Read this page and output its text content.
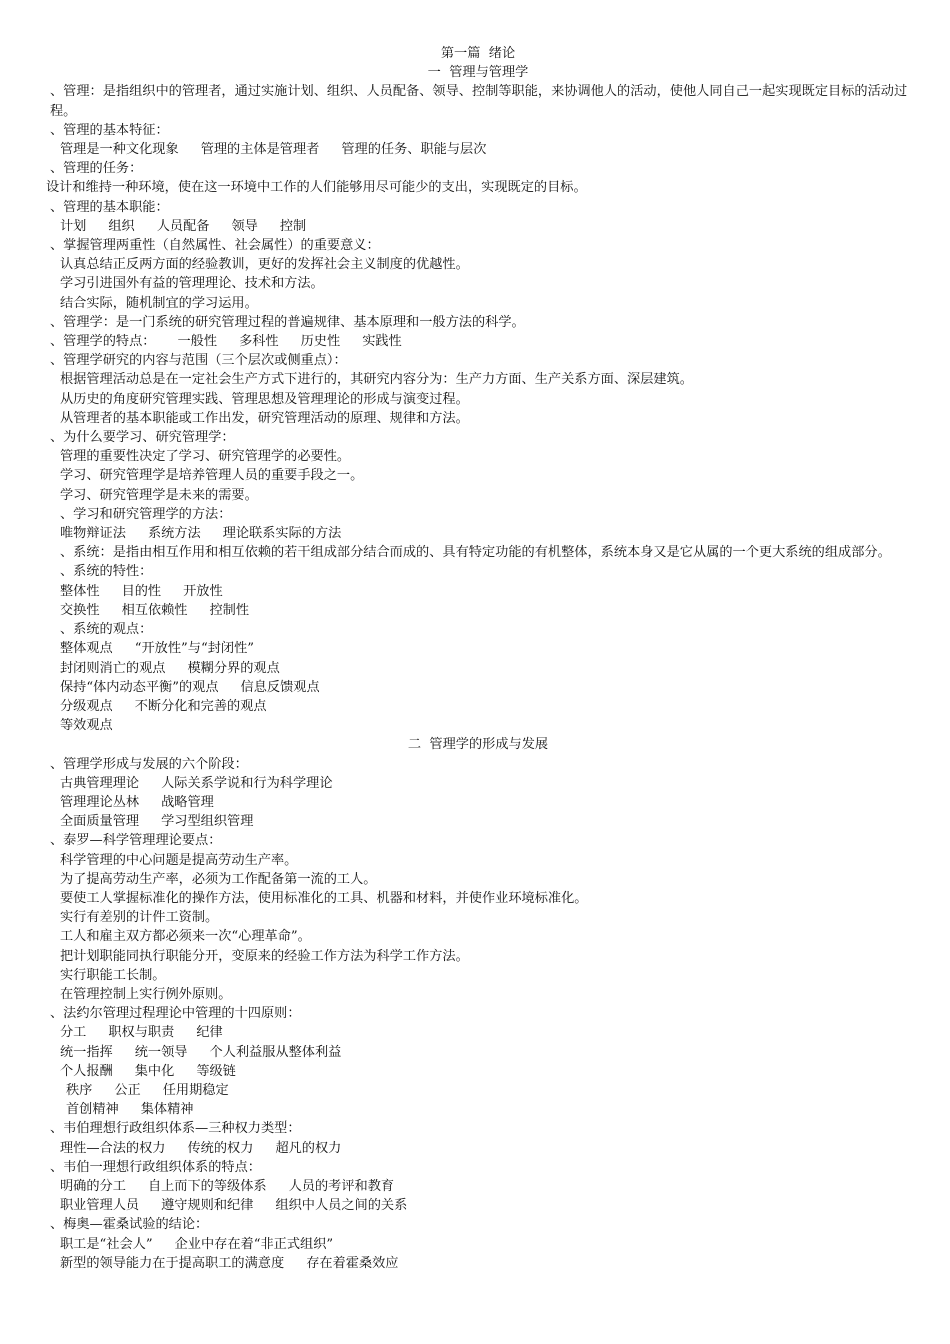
第一篇  绪论
一  管理与管理学
、管理：是指组织中的管理者，通过实施计划、组织、人员配备、领导、控制等职能，来协调他人的活动，使他人同自己一起实现既定目标的活动过程。
、管理的基本特征：
管理是一种文化现象 管理的主体是管理者 管理的任务、职能与层次
、管理的任务：
设计和维持一种环境，使在这一环境中工作的人们能够用尽可能少的支出，实现既定的目标。
、管理的基本职能：
计划 组织 人员配备 领导 控制
、掌握管理两重性（自然属性、社会属性）的重要意义：
认真总结正反两方面的经验教训，更好的发挥社会主义制度的优越性。
学习引进国外有益的管理理论、技术和方法。
结合实际，随机制宜的学习运用。
、管理学：是一门系统的研究管理过程的普遍规律、基本原理和一般方法的科学。
、管理学的特点： 一般性 多科性 历史性 实践性
、管理学研究的内容与范围（三个层次或侧重点）：
根据管理活动总是在一定社会生产方式下进行的，其研究内容分为：生产力方面、生产关系方面、深层建筑。
从历史的角度研究管理实践、管理思想及管理理论的形成与演变过程。
从管理者的基本职能或工作出发，研究管理活动的原理、规律和方法。
、为什么要学习、研究管理学：
管理的重要性决定了学习、研究管理学的必要性。
学习、研究管理学是培养管理人员的重要手段之一。
学习、研究管理学是未来的需要。
、学习和研究管理学的方法：
唯物辩证法 系统方法 理论联系实际的方法
、系统：是指由相互作用和相互依赖的若干组成部分结合而成的、具有特定功能的有机整体，系统本身又是它从属的一个更大系统的组成部分。
、系统的特性：
整体性 目的性 开放性
交换性 相互依赖性 控制性
、系统的观点：
整体观点 “开放性”与“封闭性”
封闭则消亡的观点 模糊分界的观点
保持“体内动态平衡”的观点 信息反馈观点
分级观点 不断分化和完善的观点
等效观点
二  管理学的形成与发展
、管理学形成与发展的六个阶段：
古典管理理论 人际关系学说和行为科学理论
管理理论丛林 战略管理
全面质量管理 学习型组织管理
、泰罗—科学管理理论要点：
科学管理的中心问题是提高劳动生产率。
为了提高劳动生产率，必须为工作配备第一流的工人。
要使工人掌握标准化的操作方法，使用标准化的工具、机器和材料，并使作业环境标准化。
实行有差别的计件工资制。
工人和雇主双方都必须来一次“心理革命”。
把计划职能同执行职能分开，变原来的经验工作方法为科学工作方法。
实行职能工长制。
在管理控制上实行例外原则。
、法约尔管理过程理论中管理的十四原则：
分工 职权与职责 纪律
统一指挥 统一领导 个人利益服从整体利益
个人报酬 集中化 等级链
秩序 公正 任用期稳定
首创精神 集体精神
、韦伯理想行政组织体系—三种权力类型：
理性—合法的权力 传统的权力 超凡的权力
、韦伯一理想行政组织体系的特点：
明确的分工 自上而下的等级体系 人员的考评和教育
职业管理人员 遵守规则和纪律 组织中人员之间的关系
、梅奥—霍桑试验的结论：
职工是“社会人” 企业中存在着“非正式组织”
新型的领导能力在于提高职工的满意度 存在着霍桑效应
